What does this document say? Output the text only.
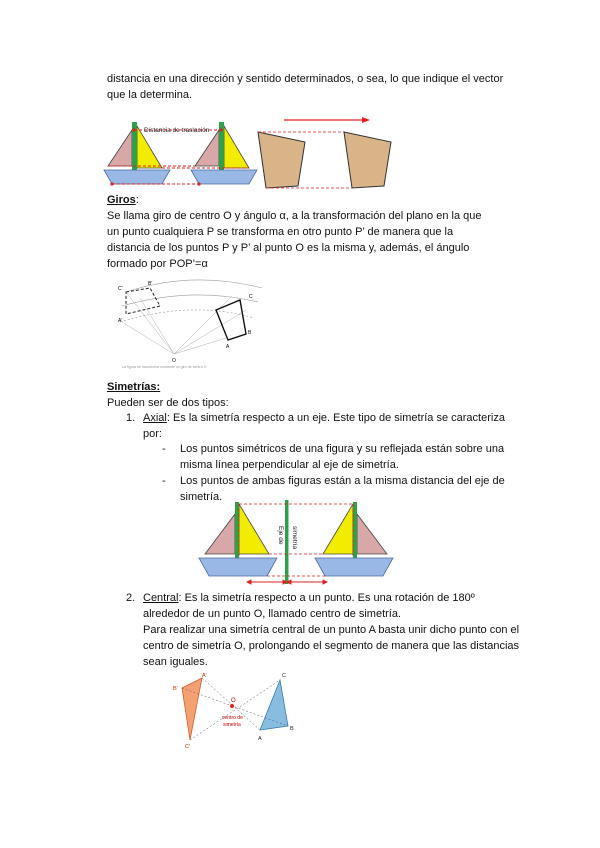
distancia en una dirección y sentido determinados, o sea, lo que indique el vector

que la determina.

Distancia de traslación

Giros:

Se llama giro de centro O y ángulo α, a la transformación del plano en la que

un punto cualquiera P se transforma en otro punto P’ de manera que la

distancia de los puntos P y P’ al punto O es la misma y, además, el ángulo

formado por POP’=α

C'
B'
C
A'
B
A
O
La figura se transforma mediante un giro de centro O

Simetrías:

Pueden ser de dos tipos:

1. Axial: Es la simetría respecto a un eje. Este tipo de simetría se caracteriza

por:

- Los puntos simétricos de una figura y su reflejada están sobre una

misma línea perpendicular al eje de simetría.

- Los puntos de ambas figuras están a la misma distancia del eje de

simetría.

Eje de simetría
2. Central: Es la simetría respecto a un punto. Es una rotación de 180º

alrededor de un punto O, llamado centro de simetría.

Para realizar una simetría central de un punto A basta unir dicho punto con el

centro de simetría O, prolongando el segmento de manera que las distancias

sean iguales.

B'
A'
O
C
C'
A
B
centro de
simetría
